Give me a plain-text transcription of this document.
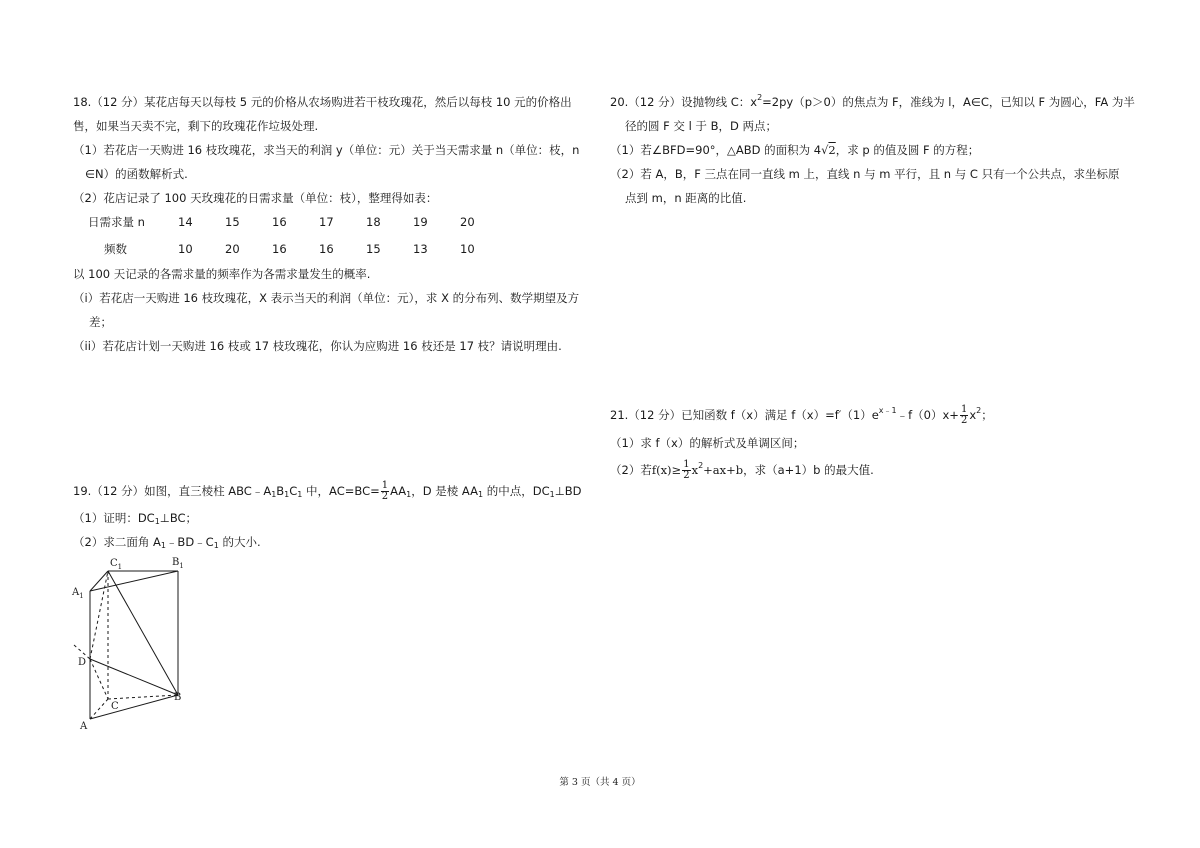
18.（12 分）某花店每天以每枝 5 元的价格从农场购进若干枝玫瑰花，然后以每枝 10 元的价格出
售，如果当天卖不完，剩下的玫瑰花作垃圾处理.
（1）若花店一天购进 16 枝玫瑰花，求当天的利润 y（单位：元）关于当天需求量 n（单位：枝，n
∈N）的函数解析式.
（2）花店记录了 100 天玫瑰花的日需求量（单位：枝），整理得如表：
日需求量 n	14	15	16	17	18	19	20
频数	10	20	16	16	15	13	10
以 100 天记录的各需求量的频率作为各需求量发生的概率.
（i）若花店一天购进 16 枝玫瑰花，X 表示当天的利润（单位：元），求 X 的分布列、数学期望及方
差；
（ii）若花店计划一天购进 16 枝或 17 枝玫瑰花，你认为应购进 16 枝还是 17 枝？请说明理由.
19.（12 分）如图，直三棱柱 $ABC﹣A_1B_1C_1$ 中，$AC=BC= \frac{1}{2} AA_1$，D 是棱 $AA_1$ 的中点，$DC_1\perp BD$
（1）证明：$DC_1\perp BC$；
（2）求二面角 $A_1﹣BD﹣C_1$ 的大小.
$A_1$
$C_1$	$B_1$
D
C
B
A
20.（12 分）设抛物线 C：$x^2=2py(p>0)$的焦点为 F，准线为 l，A∈C，已知以 F 为圆心，FA 为半
径的圆 F 交 l 于 B，D 两点；
（1）若∠BFD=90°，△ABD 的面积为 4√2，求 p 的值及圆 F 的方程；
（2）若 A，B，F 三点在同一直线 m 上，直线 n 与 m 平行，且 n 与 C 只有一个公共点，求坐标原
点到 m，n 距离的比值.
21.（12 分）已知函数 f（x）满足 $f(x)=f'(1)e^{x﹣1}﹣f(0)x+ \frac{1}{2} x^2$；
（1）求 f（x）的解析式及单调区间；
（2）若$f(x)\ge \frac{1}{2} x^2+ax+b$，求（a+1）b 的最大值.
第 3 页（共 4 页）
